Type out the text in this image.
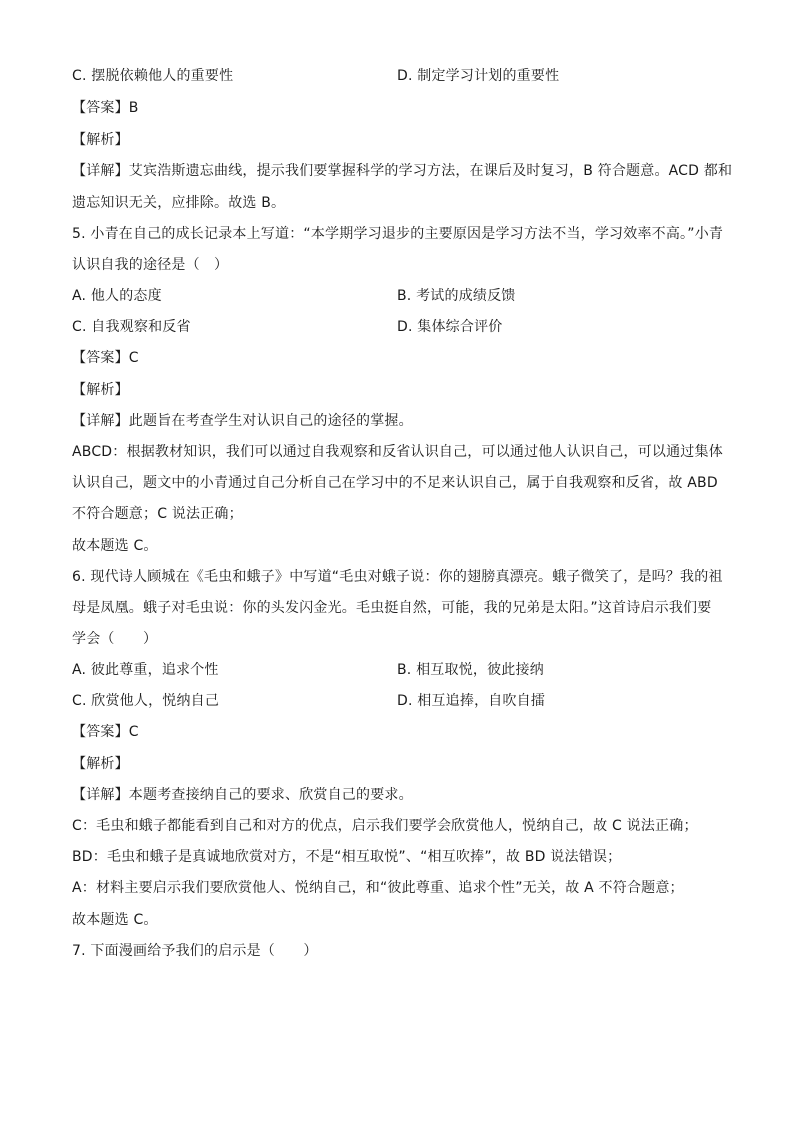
C. 摆脱依赖他人的重要性	D. 制定学习计划的重要性
【答案】B
【解析】
【详解】艾宾浩斯遗忘曲线，提示我们要掌握科学的学习方法，在课后及时复习，B 符合题意。ACD 都和
遗忘知识无关，应排除。故选 B。
5. 小青在自己的成长记录本上写道：“本学期学习退步的主要原因是学习方法不当，学习效率不高。”小青
认识自我的途径是（　）
A. 他人的态度	B. 考试的成绩反馈
C. 自我观察和反省	D. 集体综合评价
【答案】C
【解析】
【详解】此题旨在考查学生对认识自己的途径的掌握。
ABCD：根据教材知识，我们可以通过自我观察和反省认识自己，可以通过他人认识自己，可以通过集体
认识自己，题文中的小青通过自己分析自己在学习中的不足来认识自己，属于自我观察和反省，故 ABD
不符合题意；C 说法正确；
故本题选 C。
6. 现代诗人顾城在《毛虫和蛾子》中写道“毛虫对蛾子说：你的翅膀真漂亮。蛾子微笑了，是吗？我的祖
母是凤凰。蛾子对毛虫说：你的头发闪金光。毛虫挺自然，可能，我的兄弟是太阳。”这首诗启示我们要
学会（　　）
A. 彼此尊重，追求个性	B. 相互取悦，彼此接纳
C. 欣赏他人，悦纳自己	D. 相互追捧，自吹自擂
【答案】C
【解析】
【详解】本题考查接纳自己的要求、欣赏自己的要求。
C：毛虫和蛾子都能看到自己和对方的优点，启示我们要学会欣赏他人，悦纳自己，故 C 说法正确；
BD：毛虫和蛾子是真诚地欣赏对方，不是“相互取悦”、“相互吹捧”，故 BD 说法错误；
A：材料主要启示我们要欣赏他人、悦纳自己，和“彼此尊重、追求个性”无关，故 A 不符合题意；
故本题选 C。
7. 下面漫画给予我们的启示是（　　）
